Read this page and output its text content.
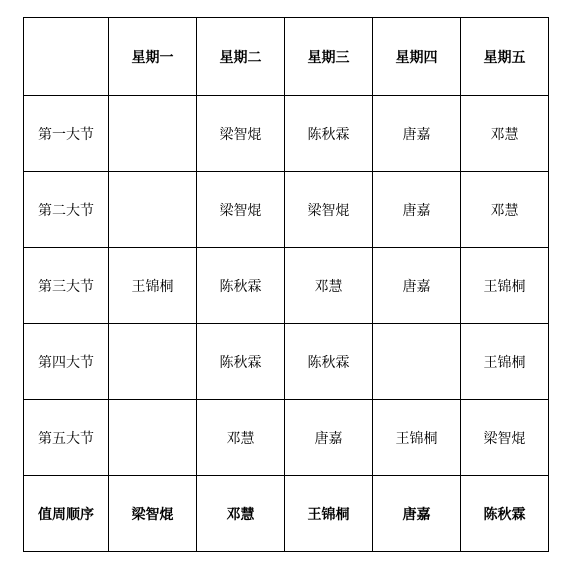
	星期一	星期二	星期三	星期四	星期五
第一大节		梁智焜	陈秋霖	唐嘉	邓慧
第二大节		梁智焜	梁智焜	唐嘉	邓慧
第三大节	王锦桐	陈秋霖	邓慧	唐嘉	王锦桐
第四大节		陈秋霖	陈秋霖		王锦桐
第五大节		邓慧	唐嘉	王锦桐	梁智焜
值周顺序	梁智焜	邓慧	王锦桐	唐嘉	陈秋霖
